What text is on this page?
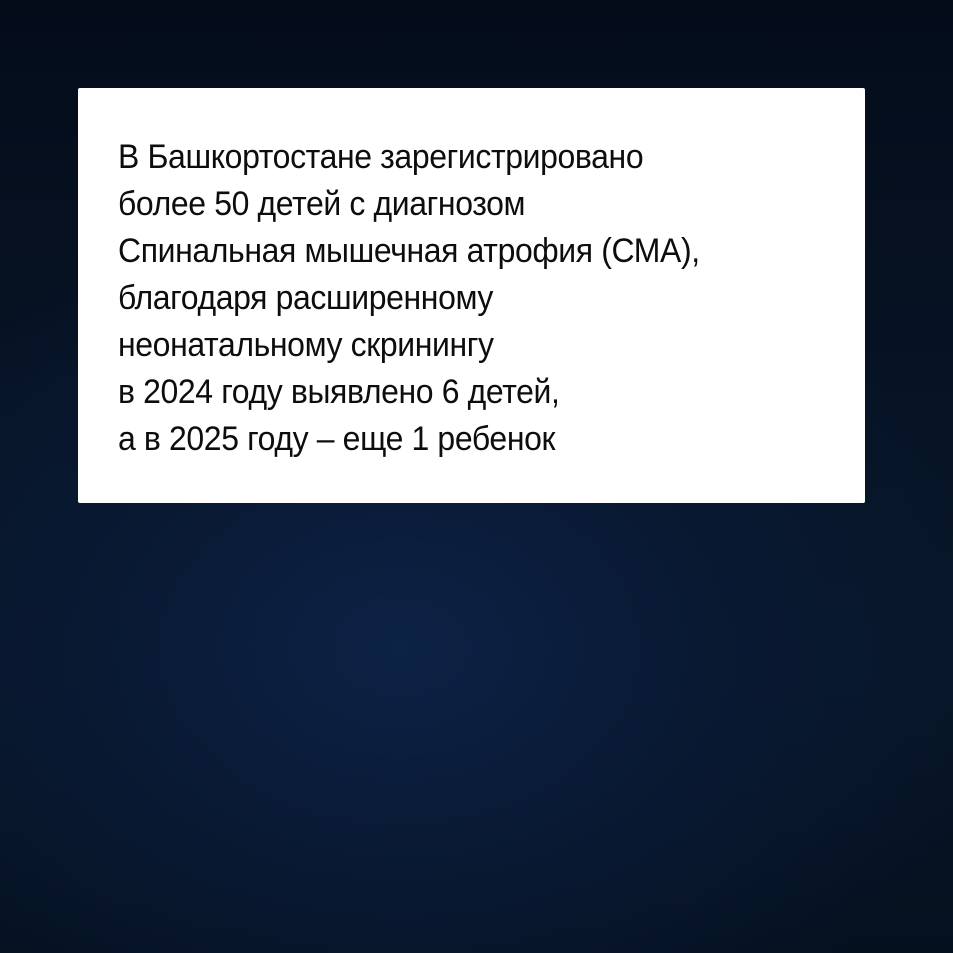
В Башкортостане зарегистрировано
более 50 детей с диагнозом
Спинальная мышечная атрофия (СМА),
благодаря расширенному
неонатальному скринингу
в 2024 году выявлено 6 детей,
а в 2025 году – еще 1 ребенок
